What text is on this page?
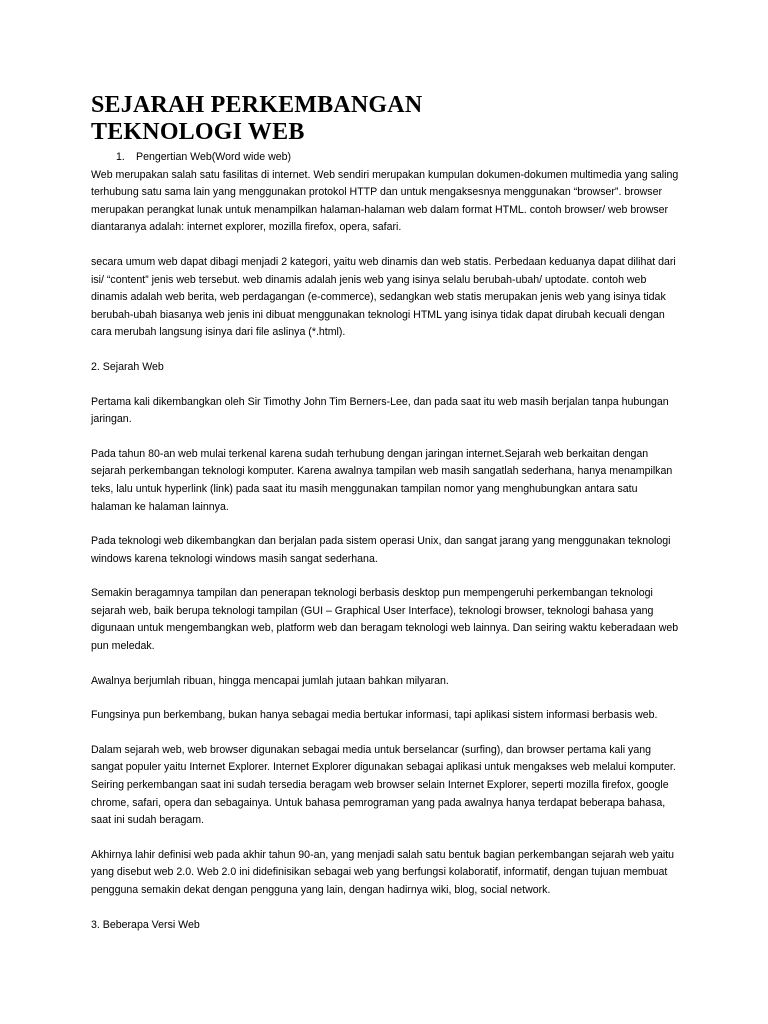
SEJARAH PERKEMBANGAN
TEKNOLOGI WEB
1. Pengertian Web(Word wide web)

Web merupakan salah satu fasilitas di internet. Web sendiri merupakan kumpulan dokumen-dokumen multimedia yang saling terhubung satu sama lain yang menggunakan protokol HTTP dan untuk mengaksesnya menggunakan “browser”. browser merupakan perangkat lunak untuk menampilkan halaman-halaman web dalam format HTML. contoh browser/ web browser diantaranya adalah: internet explorer, mozilla firefox, opera, safari.

secara umum web dapat dibagi menjadi 2 kategori, yaitu web dinamis dan web statis. Perbedaan keduanya dapat dilihat dari isi/ “content” jenis web tersebut. web dinamis adalah jenis web yang isinya selalu berubah-ubah/ uptodate. contoh web dinamis adalah web berita, web perdagangan (e-commerce), sedangkan web statis merupakan jenis web yang isinya tidak berubah-ubah biasanya web jenis ini dibuat menggunakan teknologi HTML yang isinya tidak dapat dirubah kecuali dengan cara merubah langsung isinya dari file aslinya (*.html).

2. Sejarah Web

Pertama kali dikembangkan oleh Sir Timothy John Tim Berners-Lee, dan pada saat itu web masih berjalan tanpa hubungan jaringan.

Pada tahun 80-an web mulai terkenal karena sudah terhubung dengan jaringan internet.Sejarah web berkaitan dengan sejarah perkembangan teknologi komputer. Karena awalnya tampilan web masih sangatlah sederhana, hanya menampilkan teks, lalu untuk hyperlink (link) pada saat itu masih menggunakan tampilan nomor yang menghubungkan antara satu halaman ke halaman lainnya.

Pada teknologi web dikembangkan dan berjalan pada sistem operasi Unix, dan sangat jarang yang menggunakan teknologi windows karena teknologi windows masih sangat sederhana.

Semakin beragamnya tampilan dan penerapan teknologi berbasis desktop pun mempengeruhi perkembangan teknologi sejarah web, baik berupa teknologi tampilan (GUI – Graphical User Interface), teknologi browser, teknologi bahasa yang digunaan untuk mengembangkan web, platform web dan beragam teknologi web lainnya. Dan seiring waktu keberadaan web pun meledak.

Awalnya berjumlah ribuan, hingga mencapai jumlah jutaan bahkan milyaran.

Fungsinya pun berkembang, bukan hanya sebagai media bertukar informasi, tapi aplikasi sistem informasi berbasis web.

Dalam sejarah web, web browser digunakan sebagai media untuk berselancar (surfing), dan browser pertama kali yang sangat populer yaitu Internet Explorer. Internet Explorer digunakan sebagai aplikasi untuk mengakses web melalui komputer. Seiring perkembangan saat ini sudah tersedia beragam web browser selain Internet Explorer, seperti mozilla firefox, google chrome, safari, opera dan sebagainya. Untuk bahasa pemrograman yang pada awalnya hanya terdapat beberapa bahasa, saat ini sudah beragam.

Akhirnya lahir definisi web pada akhir tahun 90-an, yang menjadi salah satu bentuk bagian perkembangan sejarah web yaitu yang disebut web 2.0. Web 2.0 ini didefinisikan sebagai web yang berfungsi kolaboratif, informatif, dengan tujuan membuat pengguna semakin dekat dengan pengguna yang lain, dengan hadirnya wiki, blog, social network.

3. Beberapa Versi Web
